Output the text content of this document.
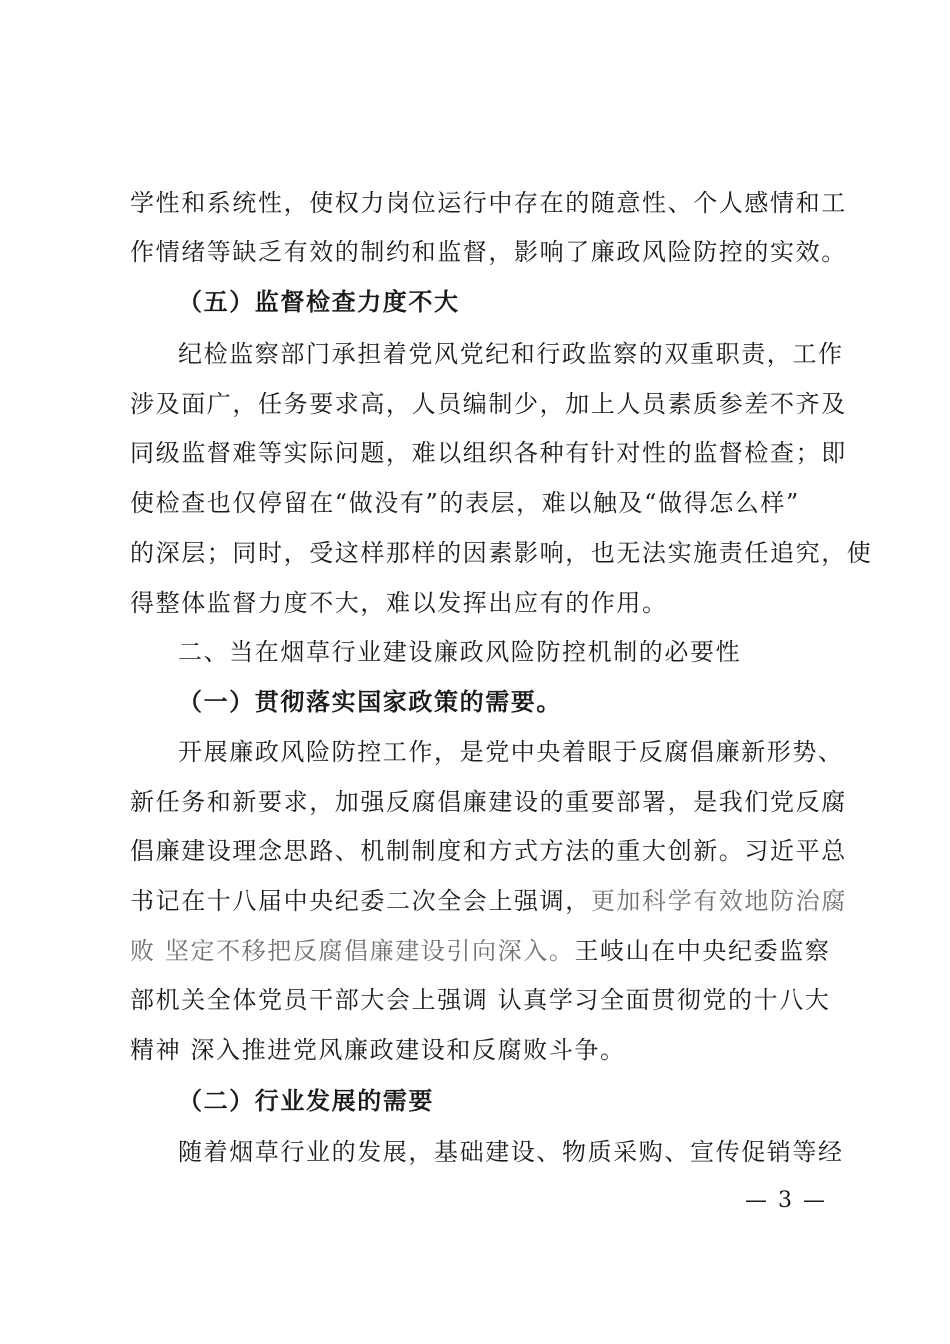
学性和系统性，使权力岗位运行中存在的随意性、个人感情和工
作情绪等缺乏有效的制约和监督，影响了廉政风险防控的实效。
（五）监督检查力度不大
纪检监察部门承担着党风党纪和行政监察的双重职责，工作
涉及面广，任务要求高，人员编制少，加上人员素质参差不齐及
同级监督难等实际问题，难以组织各种有针对性的监督检查；即
使检查也仅停留在“做没有”的表层，难以触及“做得怎么样”
的深层；同时，受这样那样的因素影响，也无法实施责任追究，使
得整体监督力度不大，难以发挥出应有的作用。
二、当在烟草行业建设廉政风险防控机制的必要性
（一）贯彻落实国家政策的需要。
开展廉政风险防控工作，是党中央着眼于反腐倡廉新形势、
新任务和新要求，加强反腐倡廉建设的重要部署，是我们党反腐
倡廉建设理念思路、机制制度和方式方法的重大创新。习近平总
书记在十八届中央纪委二次全会上强调，更加科学有效地防治腐
败 坚定不移把反腐倡廉建设引向深入。王岐山在中央纪委监察
部机关全体党员干部大会上强调 认真学习全面贯彻党的十八大
精神 深入推进党风廉政建设和反腐败斗争。
（二）行业发展的需要
随着烟草行业的发展，基础建设、物质采购、宣传促销等经
— 3 —
